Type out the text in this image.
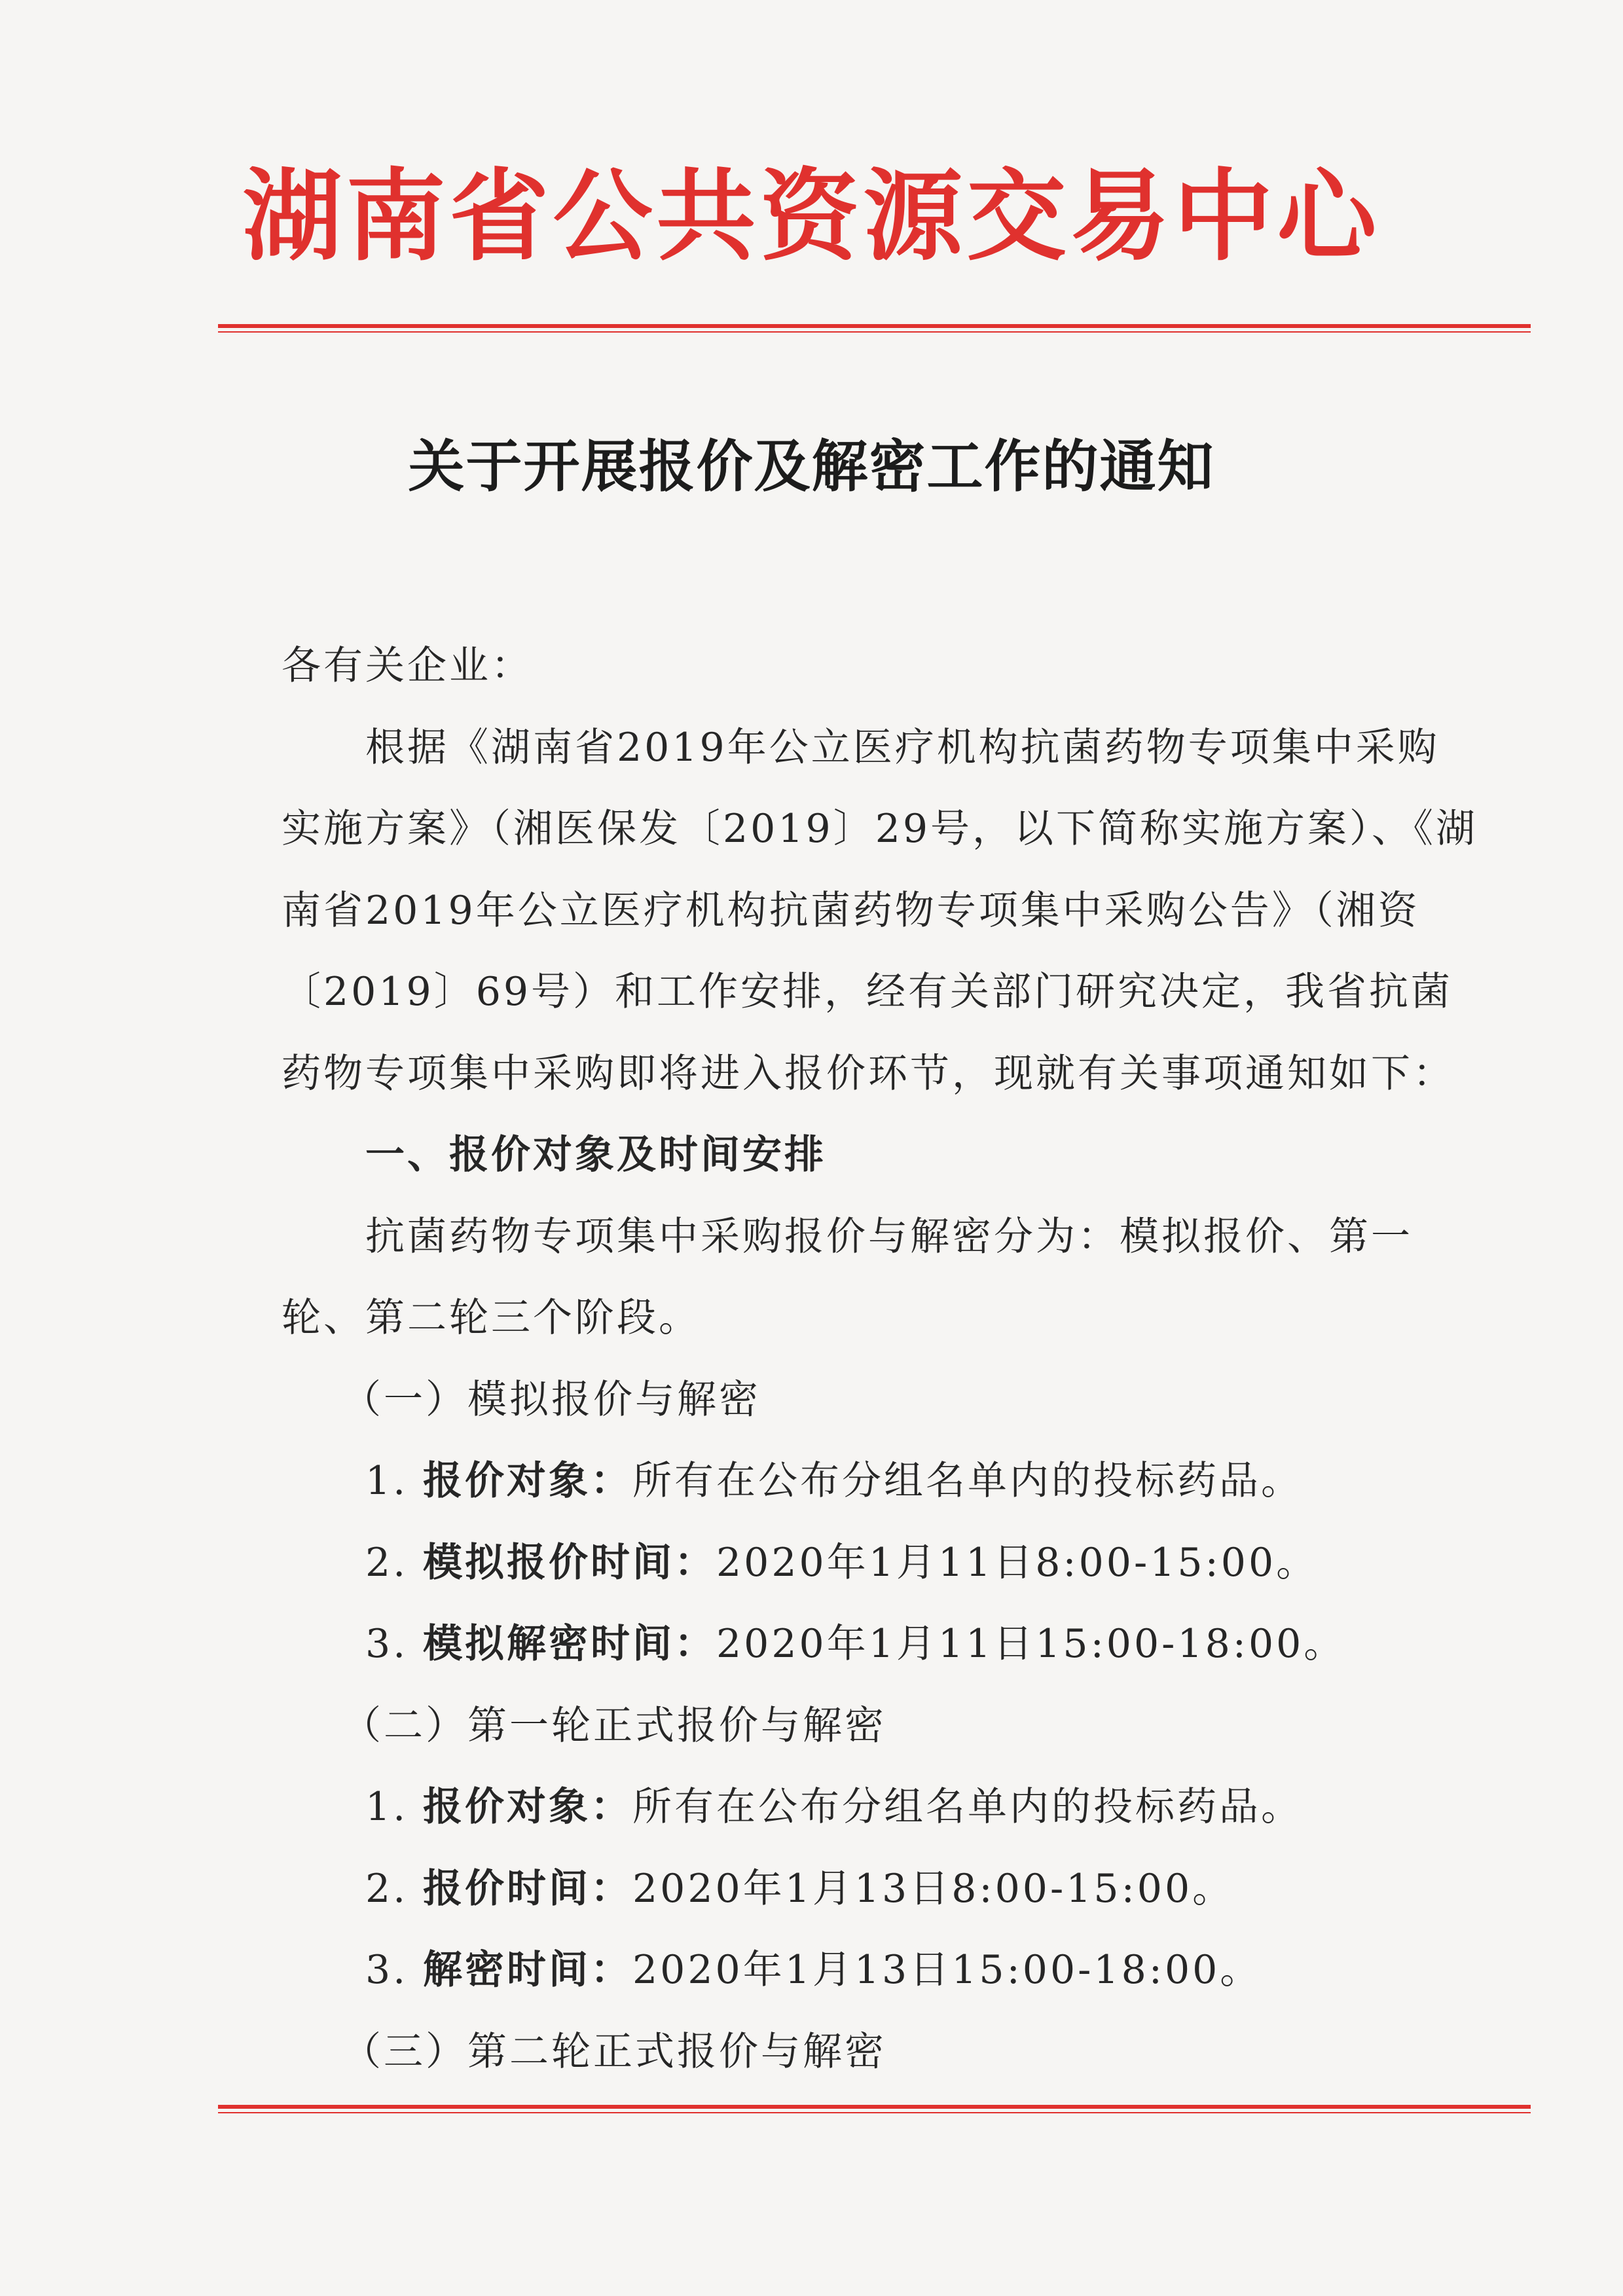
湖南省公共资源交易中心
关于开展报价及解密工作的通知

各有关企业：

根据《湖南省2019年公立医疗机构抗菌药物专项集中采购实施方案》（湘医保发〔2019〕29号，以下简称实施方案）、《湖南省2019年公立医疗机构抗菌药物专项集中采购公告》（湘资〔2019〕69号）和工作安排，经有关部门研究决定，我省抗菌药物专项集中采购即将进入报价环节，现就有关事项通知如下：

一、报价对象及时间安排

抗菌药物专项集中采购报价与解密分为：模拟报价、第一轮、第二轮三个阶段。

（一）模拟报价与解密

1. 报价对象：所有在公布分组名单内的投标药品。

2. 模拟报价时间：2020年1月11日8:00-15:00。

3. 模拟解密时间：2020年1月11日15:00-18:00。

（二）第一轮正式报价与解密

1. 报价对象：所有在公布分组名单内的投标药品。

2. 报价时间：2020年1月13日8:00-15:00。

3. 解密时间：2020年1月13日15:00-18:00。

（三）第二轮正式报价与解密
